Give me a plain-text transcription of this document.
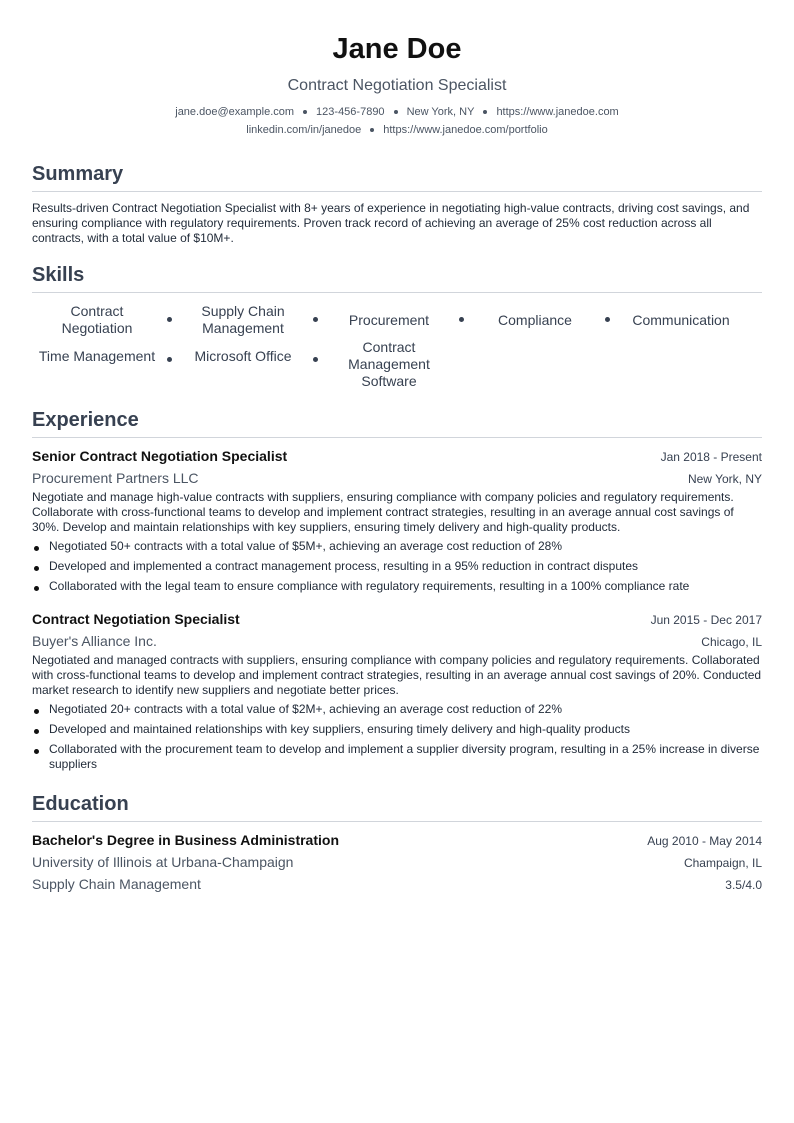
Jane Doe
Contract Negotiation Specialist
jane.doe@example.com 123-456-7890 New York, NY https://www.janedoe.com
linkedin.com/in/janedoe https://www.janedoe.com/portfolio
Summary
Results-driven Contract Negotiation Specialist with 8+ years of experience in negotiating high-value contracts, driving cost savings, and ensuring compliance with regulatory requirements. Proven track record of achieving an average of 25% cost reduction across all contracts, with a total value of $10M+.
Skills
Contract Negotiation
Supply Chain Management
Procurement	Compliance	Communication
Time Management	Microsoft Office
Contract Management Software
Experience
Senior Contract Negotiation Specialist	Jan 2018 - Present
Procurement Partners LLC	New York, NY
Negotiate and manage high-value contracts with suppliers, ensuring compliance with company policies and regulatory requirements. Collaborate with cross-functional teams to develop and implement contract strategies, resulting in an average annual cost savings of 30%. Develop and maintain relationships with key suppliers, ensuring timely delivery and high-quality products.
Negotiated 50+ contracts with a total value of $5M+, achieving an average cost reduction of 28%
Developed and implemented a contract management process, resulting in a 95% reduction in contract disputes
Collaborated with the legal team to ensure compliance with regulatory requirements, resulting in a 100% compliance rate
Contract Negotiation Specialist	Jun 2015 - Dec 2017
Buyer's Alliance Inc.	Chicago, IL
Negotiated and managed contracts with suppliers, ensuring compliance with company policies and regulatory requirements. Collaborated with cross-functional teams to develop and implement contract strategies, resulting in an average annual cost savings of 20%. Conducted market research to identify new suppliers and negotiate better prices.
Negotiated 20+ contracts with a total value of $2M+, achieving an average cost reduction of 22%
Developed and maintained relationships with key suppliers, ensuring timely delivery and high-quality products
Collaborated with the procurement team to develop and implement a supplier diversity program, resulting in a 25% increase in diverse suppliers
Education
Bachelor's Degree in Business Administration	Aug 2010 - May 2014
University of Illinois at Urbana-Champaign	Champaign, IL
Supply Chain Management	3.5/4.0
